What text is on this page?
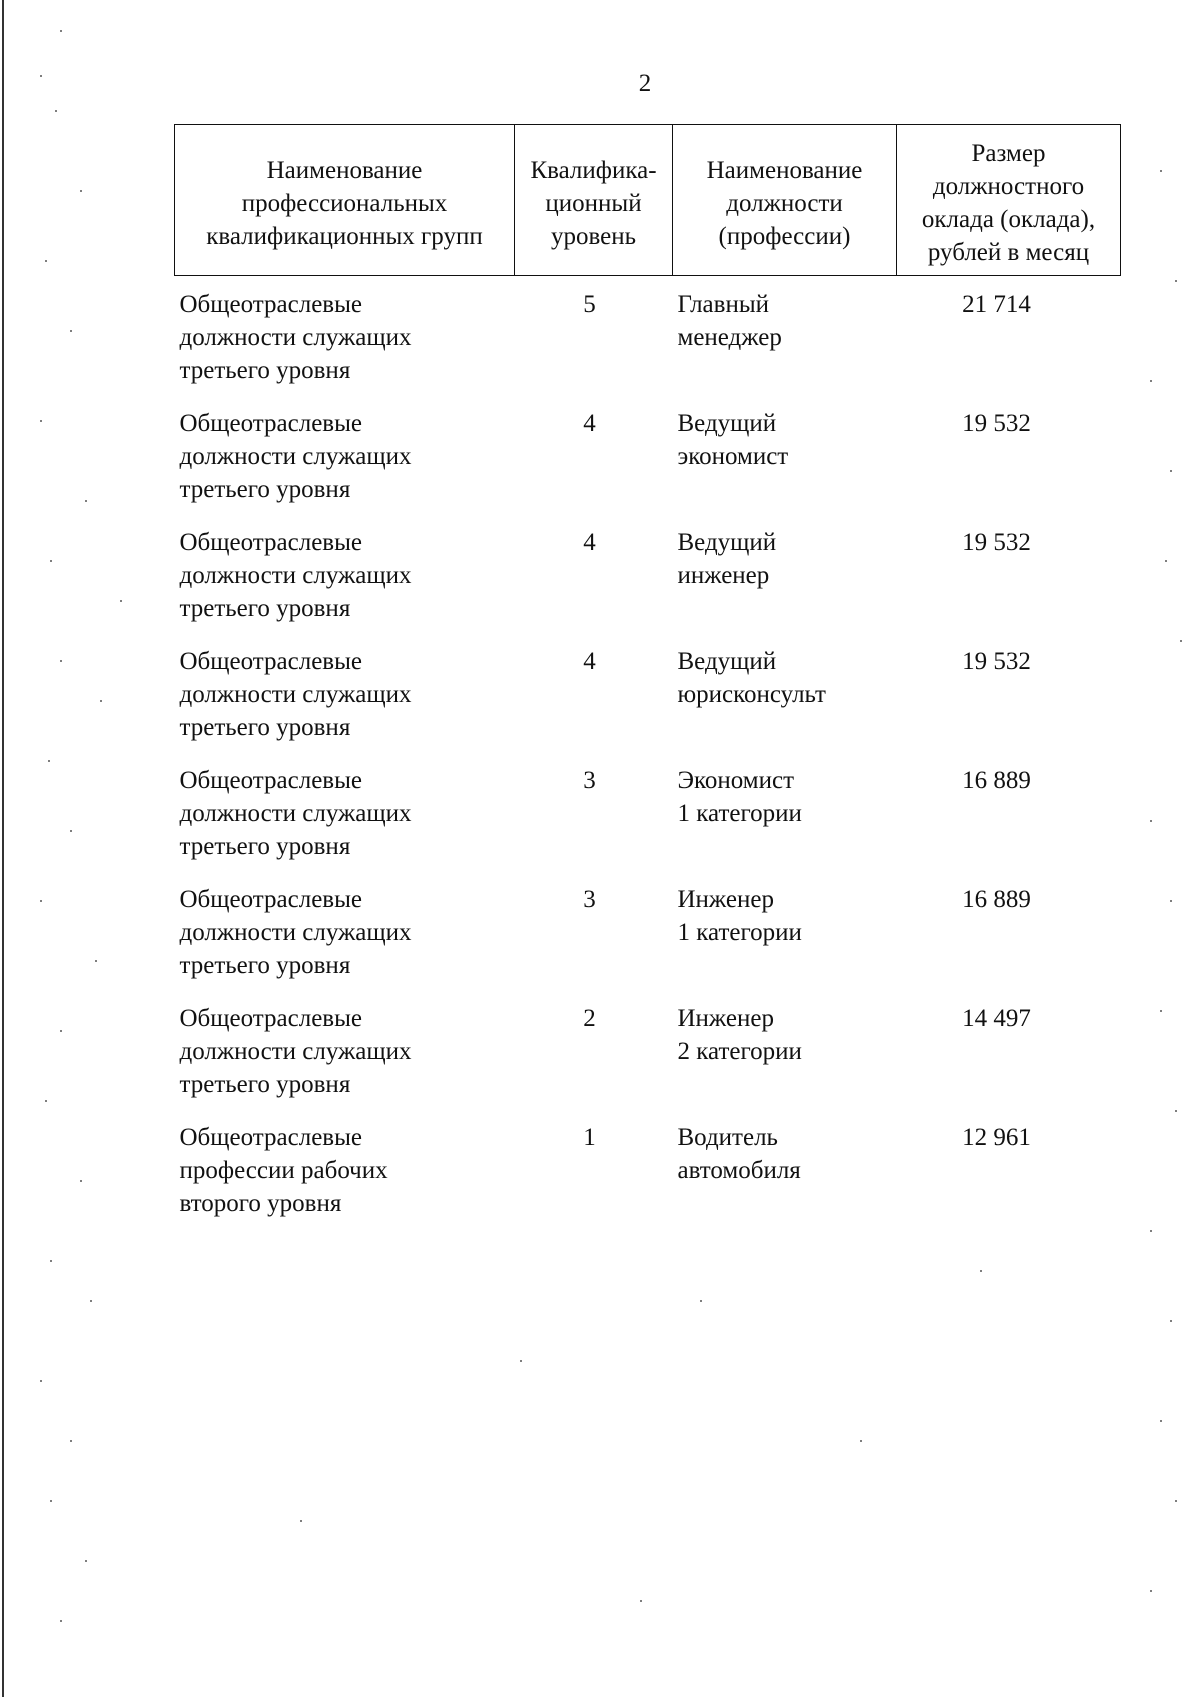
2
Наименование
профессиональных
квалификационных групп	Квалифика-
ционный
уровень	Наименование
должности
(профессии)	Размер
должностного
оклада (оклада),
рублей в месяц

Общеотраслевые
должности служащих
третьего уровня	5	Главный
менеджер	21 714

Общеотраслевые
должности служащих
третьего уровня	4	Ведущий
экономист	19 532

Общеотраслевые
должности служащих
третьего уровня	4	Ведущий
инженер	19 532

Общеотраслевые
должности служащих
третьего уровня	4	Ведущий
юрисконсульт	19 532

Общеотраслевые
должности служащих
третьего уровня	3	Экономист
1 категории	16 889

Общеотраслевые
должности служащих
третьего уровня	3	Инженер
1 категории	16 889

Общеотраслевые
должности служащих
третьего уровня	2	Инженер
2 категории	14 497

Общеотраслевые
профессии рабочих
второго уровня	1	Водитель
автомобиля	12 961
